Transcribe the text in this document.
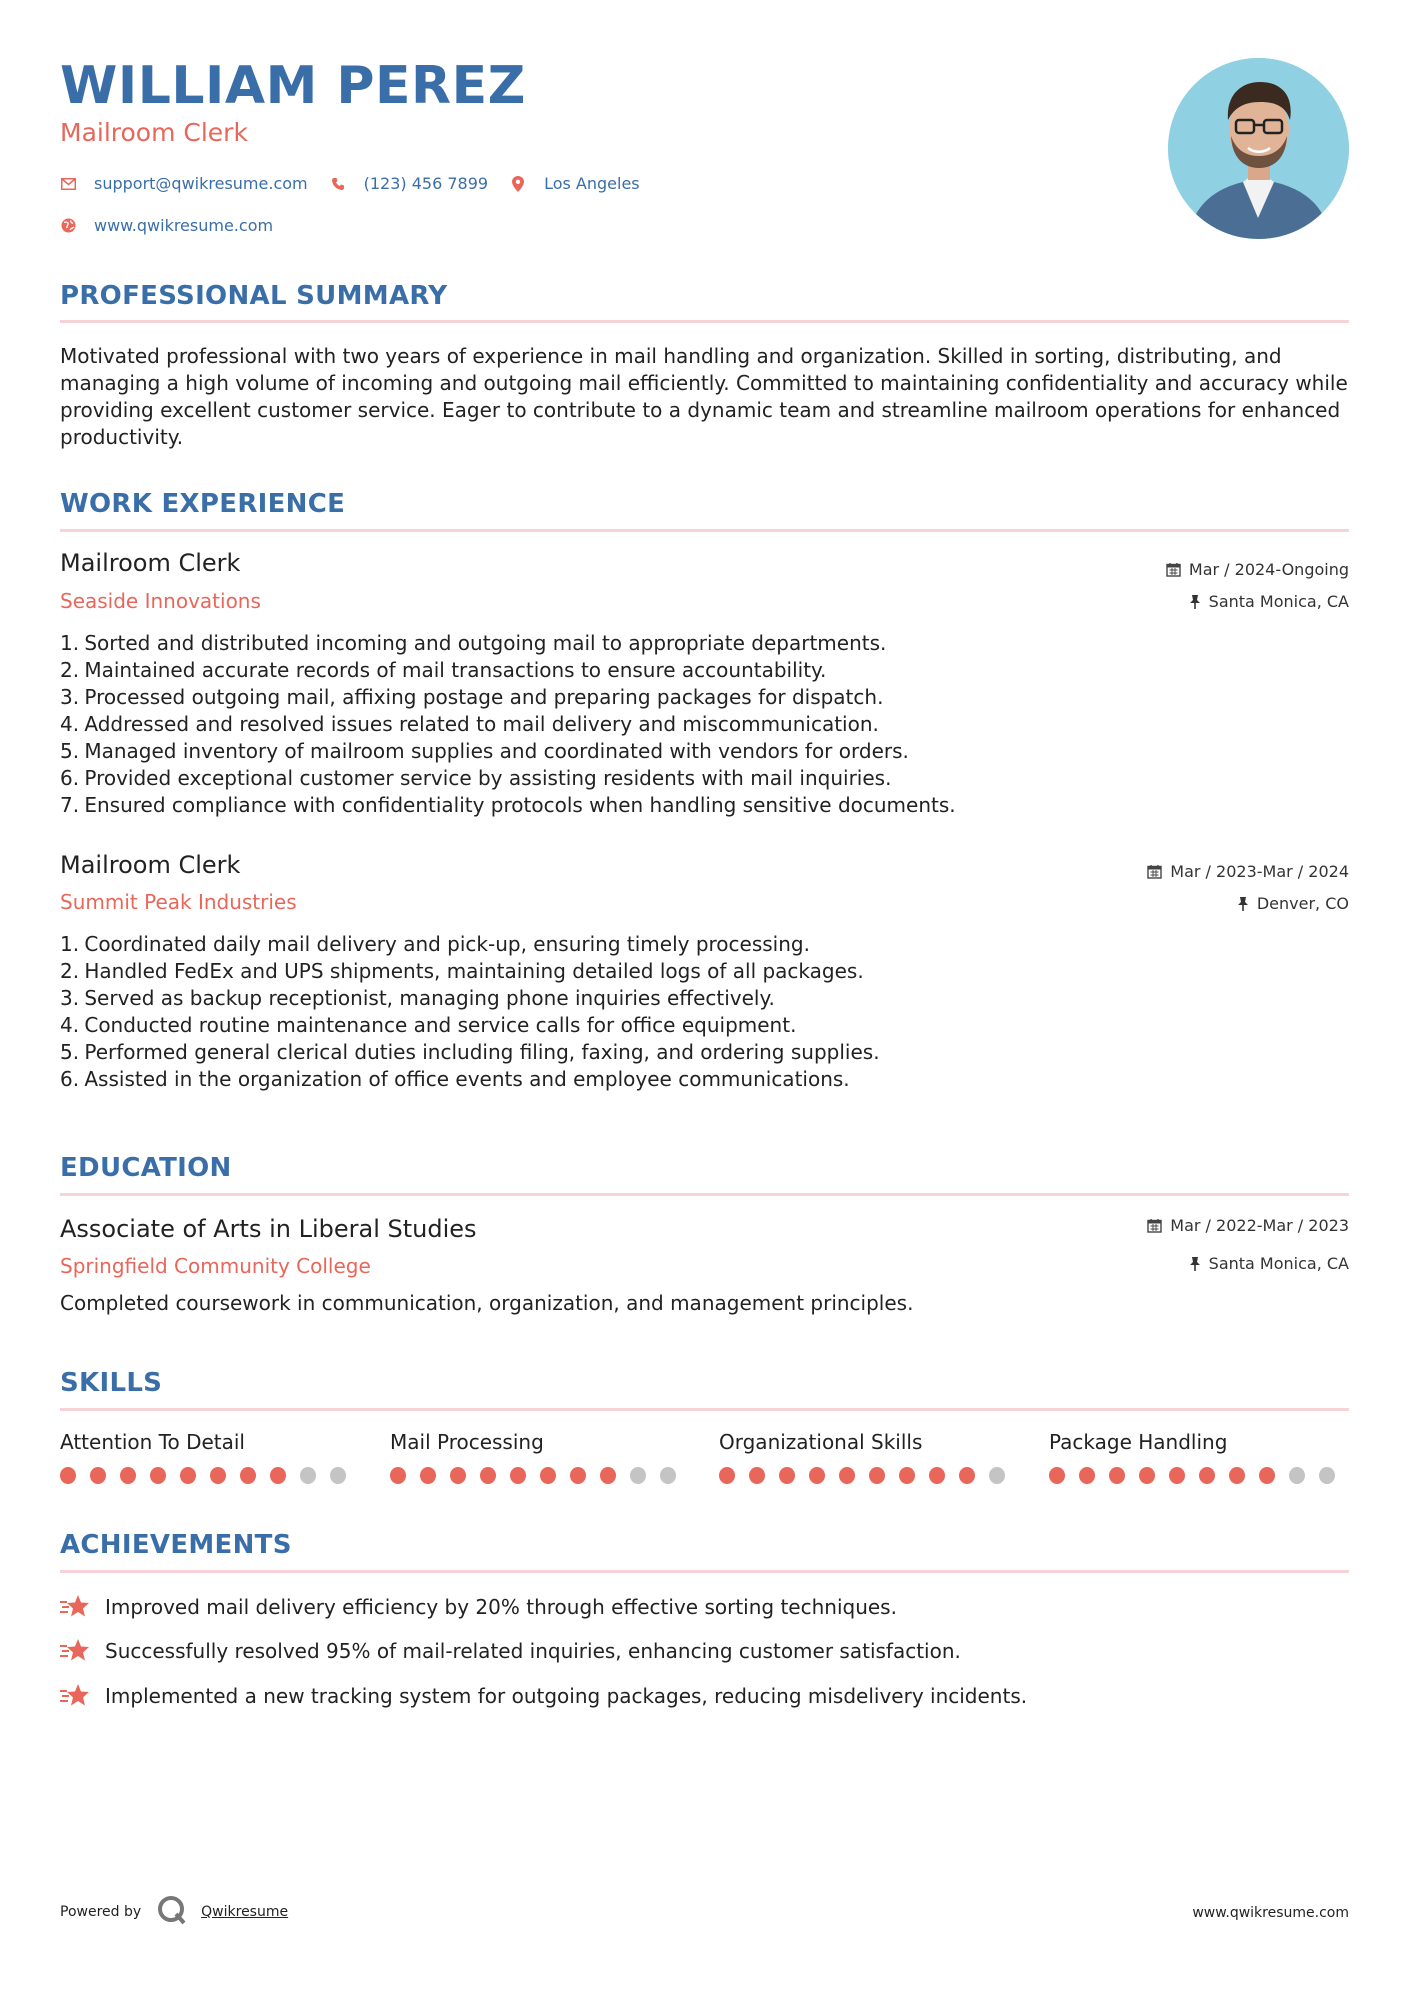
WILLIAM PEREZ
Mailroom Clerk
support@qwikresume.com	(123) 456 7899	Los Angeles
www.qwikresume.com
PROFESSIONAL SUMMARY
Motivated professional with two years of experience in mail handling and organization. Skilled in sorting, distributing, and managing a high volume of incoming and outgoing mail efficiently. Committed to maintaining confidentiality and accuracy while providing excellent customer service. Eager to contribute to a dynamic team and streamline mailroom operations for enhanced productivity.
WORK EXPERIENCE
Mailroom Clerk
Seaside Innovations
Mar / 2024-Ongoing
Santa Monica, CA
1.
Sorted and distributed incoming and outgoing mail to appropriate departments.
2.
Maintained accurate records of mail transactions to ensure accountability.
3.
Processed outgoing mail, affixing postage and preparing packages for dispatch.
4.
Addressed and resolved issues related to mail delivery and miscommunication.
5.
Managed inventory of mailroom supplies and coordinated with vendors for orders.
6.
Provided exceptional customer service by assisting residents with mail inquiries.
7.
Ensured compliance with confidentiality protocols when handling sensitive documents.
Mailroom Clerk
Summit Peak Industries
Mar / 2023-Mar / 2024
Denver, CO
1.
Coordinated daily mail delivery and pick-up, ensuring timely processing.
2.
Handled FedEx and UPS shipments, maintaining detailed logs of all packages.
3.
Served as backup receptionist, managing phone inquiries effectively.
4.
Conducted routine maintenance and service calls for office equipment.
5.
Performed general clerical duties including filing, faxing, and ordering supplies.
6.
Assisted in the organization of office events and employee communications.
EDUCATION
Associate of Arts in Liberal Studies
Springfield Community College
Mar / 2022-Mar / 2023
Santa Monica, CA
Completed coursework in communication, organization, and management principles.
SKILLS
Attention To Detail	Mail Processing	Organizational Skills	Package Handling
ACHIEVEMENTS
Improved mail delivery efficiency by 20% through effective sorting techniques.
Successfully resolved 95% of mail-related inquiries, enhancing customer satisfaction.
Implemented a new tracking system for outgoing packages, reducing misdelivery incidents.
Powered by	Qwikresume	www.qwikresume.com
